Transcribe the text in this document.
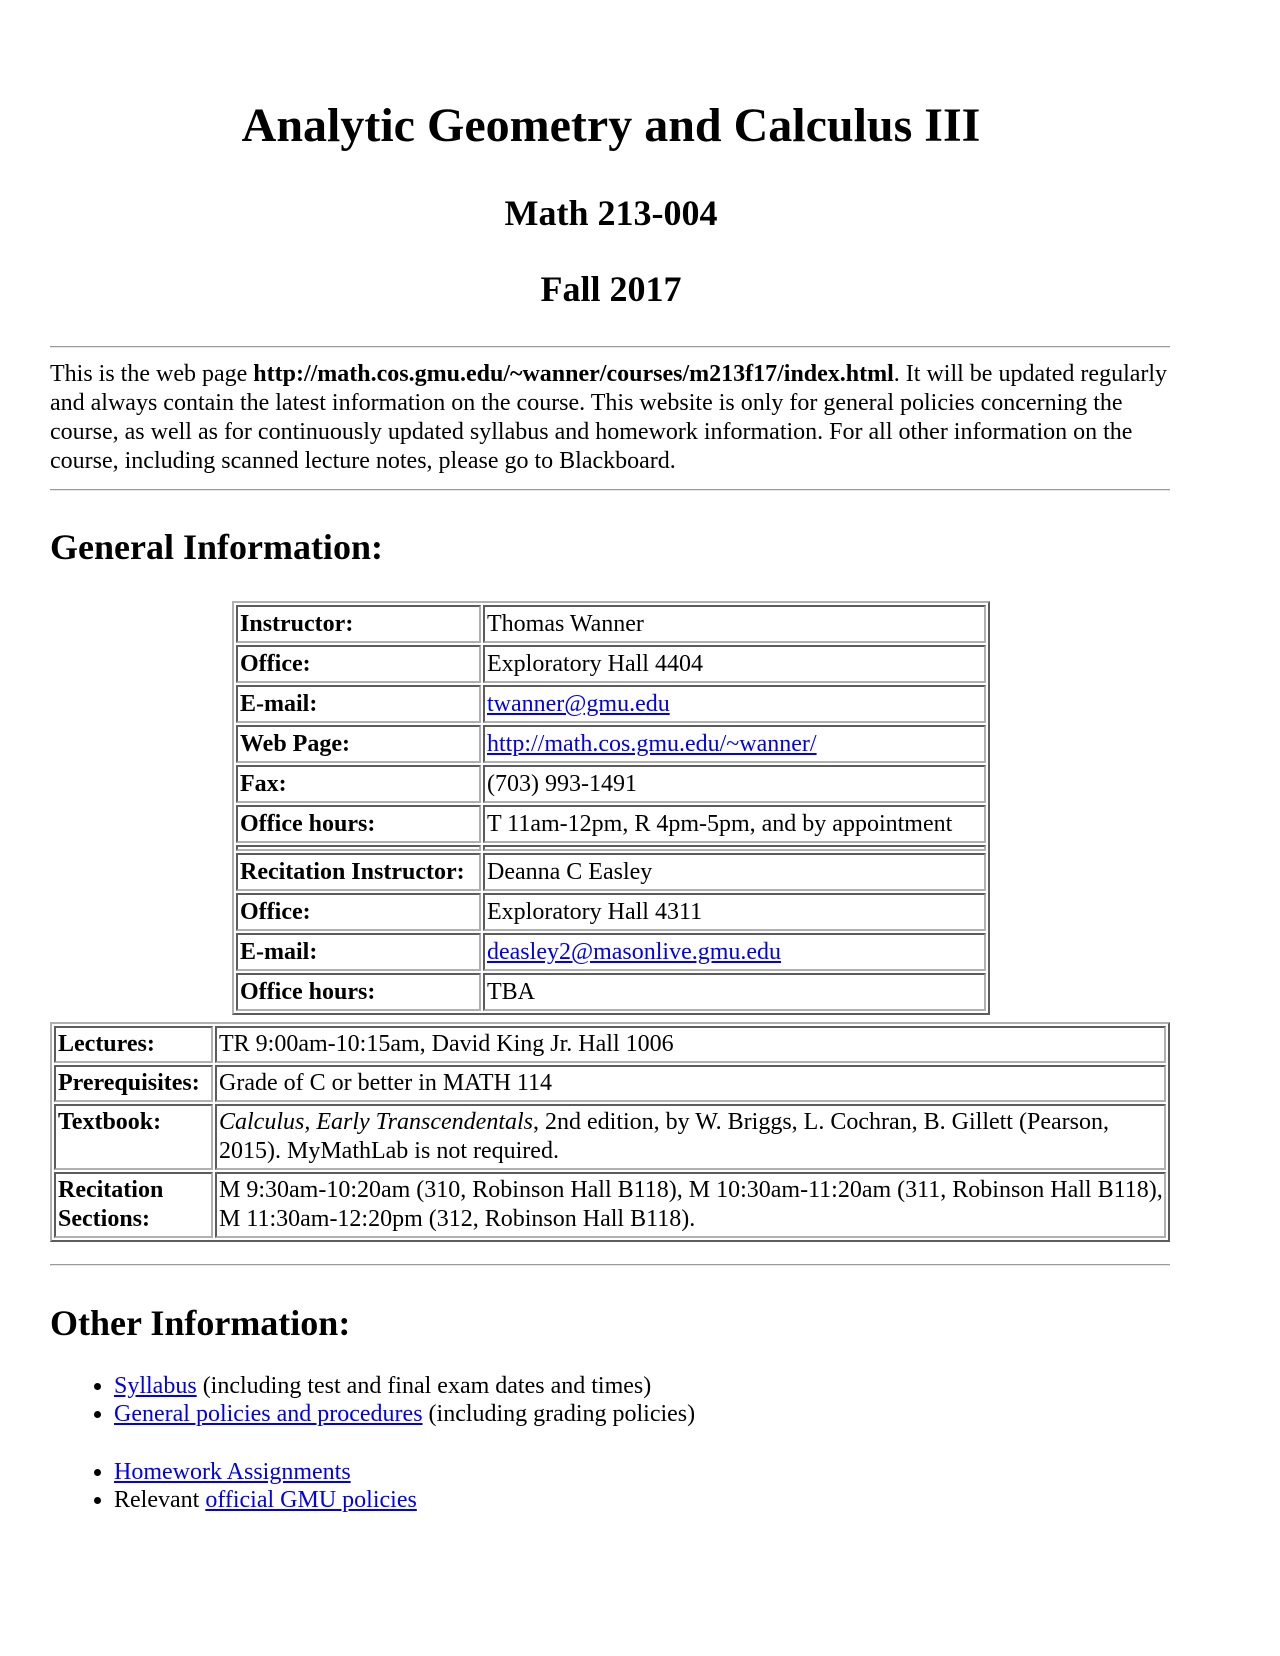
Analytic Geometry and Calculus III
Math 213-004
Fall 2017

This is the web page http://math.cos.gmu.edu/~wanner/courses/m213f17/index.html. It will be updated regularly and always contain the latest information on the course. This website is only for general policies concerning the course, as well as for continuously updated syllabus and homework information. For all other information on the course, including scanned lecture notes, please go to Blackboard.

General Information:
Instructor:	Thomas Wanner
Office:	Exploratory Hall 4404
E-mail:	twanner@gmu.edu
Web Page:	http://math.cos.gmu.edu/~wanner/
Fax:	(703) 993-1491
Office hours:	T 11am-12pm, R 4pm-5pm, and by appointment

Recitation Instructor:	Deanna C Easley
Office:	Exploratory Hall 4311
E-mail:	deasley2@masonlive.gmu.edu
Office hours:	TBA
Lectures:	TR 9:00am-10:15am, David King Jr. Hall 1006
Prerequisites:	Grade of C or better in MATH 114
Textbook:	Calculus, Early Transcendentals, 2nd edition, by W. Briggs, L. Cochran, B. Gillett (Pearson, 2015). MyMathLab is not required.
Recitation Sections:	M 9:30am-10:20am (310, Robinson Hall B118), M 10:30am-11:20am (311, Robinson Hall B118), M 11:30am-12:20pm (312, Robinson Hall B118).
Other Information:
• Syllabus (including test and final exam dates and times)
• General policies and procedures (including grading policies)
• Homework Assignments
• Relevant official GMU policies
